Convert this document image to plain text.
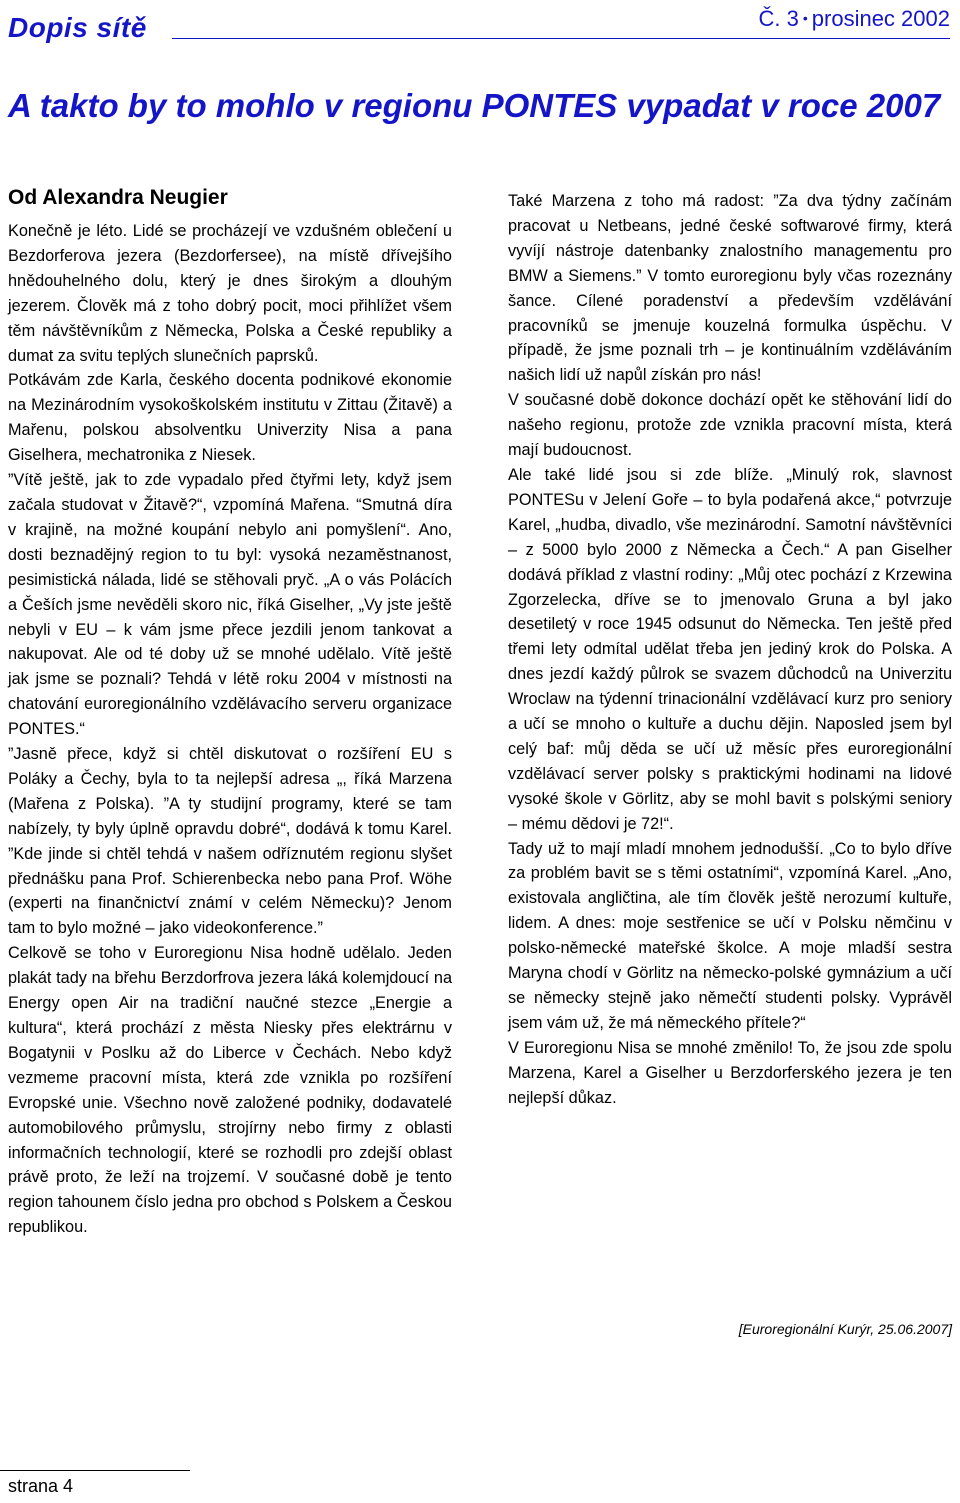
Dopis sítě	Č. 3 • prosinec 2002
A takto by to mohlo v regionu PONTES vypadat v roce 2007
Od Alexandra Neugier

Konečně je léto. Lidé se procházejí ve vzdušném oblečení u Bezdorferova jezera (Bezdorfersee), na místě dřívejšího hnědouhelného dolu, který je dnes širokým a dlouhým jezerem. Člověk má z toho dobrý pocit, moci přihlížet všem těm návštěvníkům z Německa, Polska a České republiky a dumat za svitu teplých slunečních paprsků.

Potkávám zde Karla, českého docenta podnikové ekonomie na Mezinárodním vysokoškolském institutu v Zittau (Žitavě) a Mařenu, polskou absolventku Univerzity Nisa a pana Giselhera, mechatronika z Niesek.

”Vítě ještě, jak to zde vypadalo před čtyřmi lety, když jsem začala studovat v Žitavě?“, vzpomíná Mařena. “Smutná díra v krajině, na možné koupání nebylo ani pomyšlení“. Ano, dosti beznadějný region to tu byl: vysoká nezaměstnanost, pesimistická nálada, lidé se stěhovali pryč. „A o vás Polácích a Češích jsme nevěděli skoro nic, říká Giselher, „Vy jste ještě nebyli v EU – k vám jsme přece jezdili jenom tankovat a nakupovat. Ale od té doby už se mnohé udělalo. Vítě ještě jak jsme se poznali? Tehdá v létě roku 2004 v místnosti na chatování euroregionálního vzdělávacího serveru organizace PONTES.“

”Jasně přece, když si chtěl diskutovat o rozšíření EU s Poláky a Čechy, byla to ta nejlepší adresa „, říká Marzena (Mařena z Polska). ”A ty studijní programy, které se tam nabízely, ty byly úplně opravdu dobré“, dodává k tomu Karel. ”Kde jinde si chtěl tehdá v našem odříznutém regionu slyšet přednášku pana Prof. Schierenbecka nebo pana Prof. Wöhe (experti na finančnictví známí v celém Německu)? Jenom tam to bylo možné – jako videokonference.”

Celkově se toho v Euroregionu Nisa hodně udělalo. Jeden plakát tady na břehu Berzdorfrova jezera láká kolemjdoucí na Energy open Air na tradiční naučné stezce „Energie a kultura“, která prochází z města Niesky přes elektrárnu v Bogatynii v Poslku až do Liberce v Čechách. Nebo když vezmeme pracovní místa, která zde vznikla po rozšíření Evropské unie. Všechno nově založené podniky, dodavatelé automobilového průmyslu, strojírny nebo firmy z oblasti informačních technologií, které se rozhodli pro zdejší oblast právě proto, že leží na trojzemí. V současné době je tento region tahounem číslo jedna pro obchod s Polskem a Českou republikou.

Také Marzena z toho má radost: ”Za dva týdny začínám pracovat u Netbeans, jedné české softwarové firmy, která vyvíjí nástroje datenbanky znalostního managementu pro BMW a Siemens.” V tomto euroregionu byly včas rozeznány šance. Cílené poradenství a především vzdělávání pracovníků se jmenuje kouzelná formulka úspěchu. V případě, že jsme poznali trh – je kontinuálním vzděláváním našich lidí už napůl získán pro nás!

V současné době dokonce dochází opět ke stěhování lidí do našeho regionu, protože zde vznikla pracovní místa, která mají budoucnost.

Ale také lidé jsou si zde blíže. „Minulý rok, slavnost PONTESu v Jelení Goře – to byla podařená akce,“ potvrzuje Karel, „hudba, divadlo, vše mezinárodní. Samotní návštěvníci – z 5000 bylo 2000 z Německa a Čech.“ A pan Giselher dodává příklad z vlastní rodiny: „Můj otec pochází z Krzewina Zgorzelecka, dříve se to jmenovalo Gruna a byl jako desetiletý v roce 1945 odsunut do Německa. Ten ještě před třemi lety odmítal udělat třeba jen jediný krok do Polska. A dnes jezdí každý půlrok se svazem důchodců na Univerzitu Wroclaw na týdenní trinacionální vzdělávací kurz pro seniory a učí se mnoho o kultuře a duchu dějin. Naposled jsem byl celý baf: můj děda se učí už měsíc přes euroregionální vzdělávací server polsky s praktickými hodinami na lidové vysoké škole v Görlitz, aby se mohl bavit s polskými seniory – mému dědovi je 72!“.

Tady už to mají mladí mnohem jednodušší. „Co to bylo dříve za problém bavit se s těmi ostatními“, vzpomíná Karel. „Ano, existovala angličtina, ale tím člověk ještě nerozumí kultuře, lidem. A dnes: moje sestřenice se učí v Polsku němčinu v polsko-německé mateřské školce. A moje mladší sestra Maryna chodí v Görlitz na německo-polské gymnázium a učí se německy stejně jako němečtí studenti polsky. Vyprávěl jsem vám už, že má německého přítele?“

V Euroregionu Nisa se mnohé změnilo! To, že jsou zde spolu Marzena, Karel a Giselher u Berzdorferského jezera je ten nejlepší důkaz.

[Euroregionální Kurýr, 25.06.2007]
strana 4
